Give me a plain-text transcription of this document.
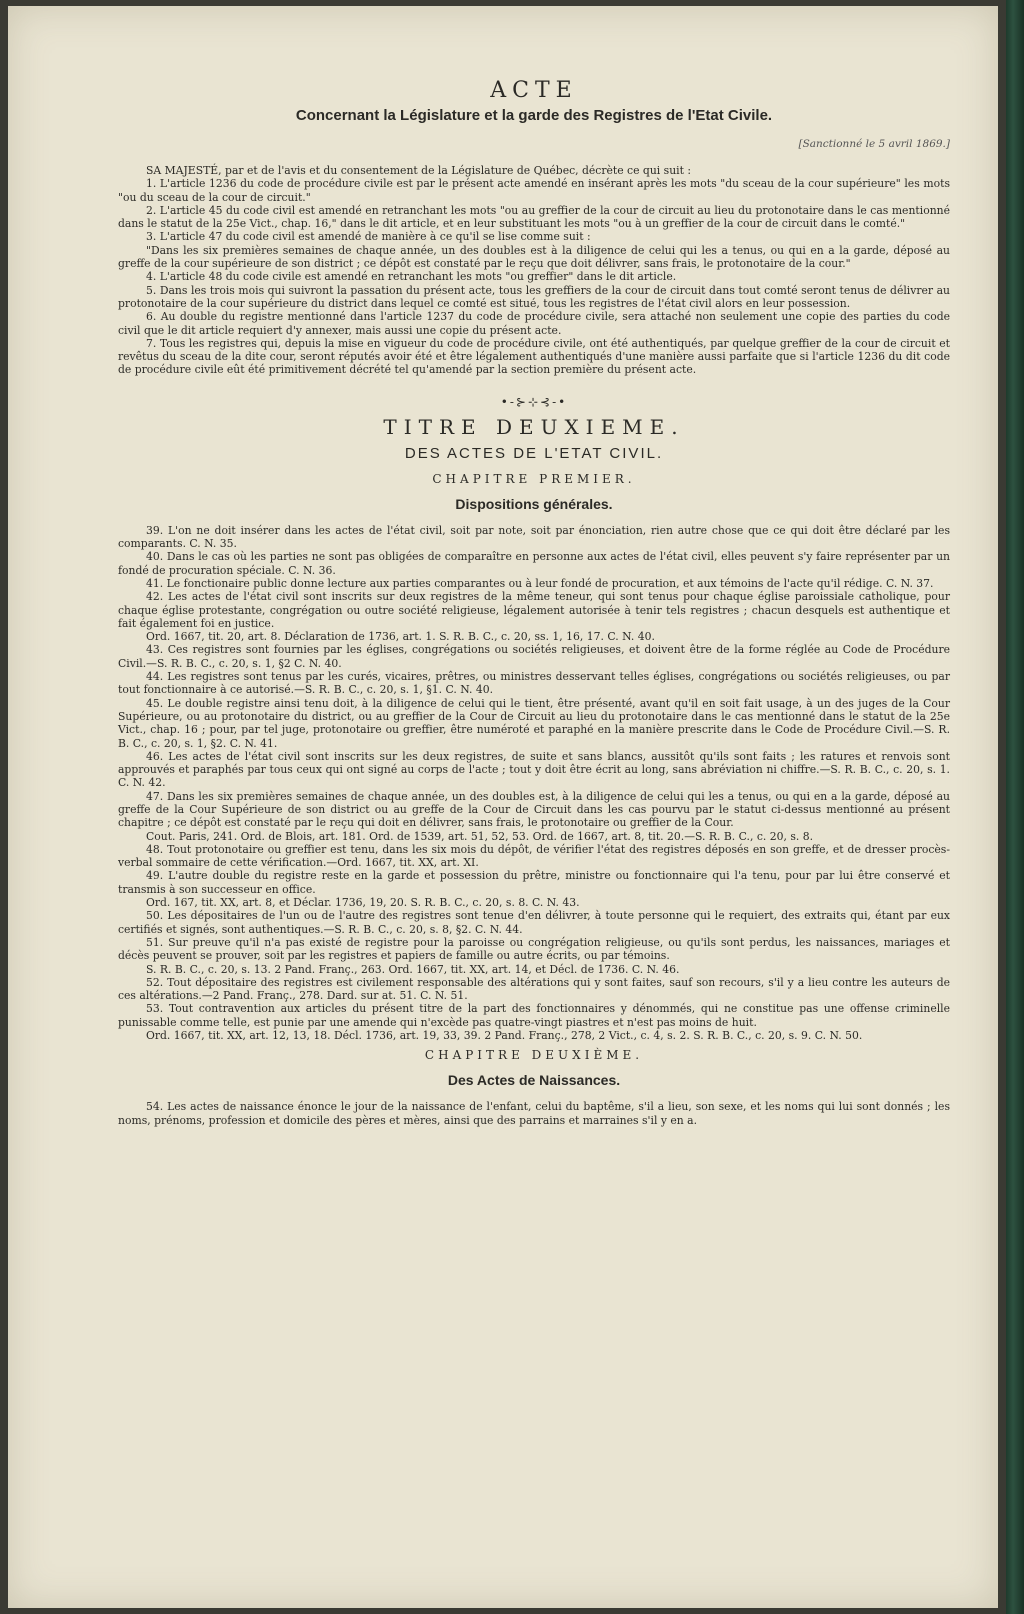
ACTE
Concernant la Législature et la garde des Registres de l'Etat Civile.
[Sanctionné le 5 avril 1869.]

SA MAJESTÉ, par et de l'avis et du consentement de la Législature de Québec, décrète ce qui suit :

1. L'article 1236 du code de procédure civile est par le présent acte amendé en insérant après les mots "du sceau de la cour supérieure" les mots "ou du sceau de la cour de circuit."

2. L'article 45 du code civil est amendé en retranchant les mots "ou au greffier de la cour de circuit au lieu du protonotaire dans le cas mentionné dans le statut de la 25e Vict., chap. 16," dans le dit article, et en leur substituant les mots "ou à un greffier de la cour de circuit dans le comté."

3. L'article 47 du code civil est amendé de manière à ce qu'il se lise comme suit :

"Dans les six premières semaines de chaque année, un des doubles est à la diligence de celui qui les a tenus, ou qui en a la garde, déposé au greffe de la cour supérieure de son district ; ce dépôt est constaté par le reçu que doit délivrer, sans frais, le protonotaire de la cour."

4. L'article 48 du code civile est amendé en retranchant les mots "ou greffier" dans le dit article.

5. Dans les trois mois qui suivront la passation du présent acte, tous les greffiers de la cour de circuit dans tout comté seront tenus de délivrer au protonotaire de la cour supérieure du district dans lequel ce comté est situé, tous les registres de l'état civil alors en leur possession.

6. Au double du registre mentionné dans l'article 1237 du code de procédure civile, sera attaché non seulement une copie des parties du code civil que le dit article requiert d'y annexer, mais aussi une copie du présent acte.

7. Tous les registres qui, depuis la mise en vigueur du code de procédure civile, ont été authentiqués, par quelque greffier de la cour de circuit et revêtus du sceau de la dite cour, seront réputés avoir été et être légalement authentiqués d'une manière aussi parfaite que si l'article 1236 du dit code de procédure civile eût été primitivement décrété tel qu'amendé par la section première du présent acte.

•-⊱⊹⊰-•
TITRE DEUXIEME.
DES ACTES DE L'ETAT CIVIL.
CHAPITRE PREMIER.
Dispositions générales.

39. L'on ne doit insérer dans les actes de l'état civil, soit par note, soit par énonciation, rien autre chose que ce qui doit être déclaré par les comparants. C. N. 35.

40. Dans le cas où les parties ne sont pas obligées de comparaître en personne aux actes de l'état civil, elles peuvent s'y faire représenter par un fondé de procuration spéciale. C. N. 36.

41. Le fonctionaire public donne lecture aux parties comparantes ou à leur fondé de procuration, et aux témoins de l'acte qu'il rédige. C. N. 37.

42. Les actes de l'état civil sont inscrits sur deux registres de la même teneur, qui sont tenus pour chaque église paroissiale catholique, pour chaque église protestante, congrégation ou outre société religieuse, légalement autorisée à tenir tels registres ; chacun desquels est authentique et fait également foi en justice.

Ord. 1667, tit. 20, art. 8. Déclaration de 1736, art. 1. S. R. B. C., c. 20, ss. 1, 16, 17. C. N. 40.

43. Ces registres sont fournies par les églises, congrégations ou sociétés religieuses, et doivent être de la forme réglée au Code de Procédure Civil.—S. R. B. C., c. 20, s. 1, §2 C. N. 40.

44. Les registres sont tenus par les curés, vicaires, prêtres, ou ministres desservant telles églises, congrégations ou sociétés religieuses, ou par tout fonctionnaire à ce autorisé.—S. R. B. C., c. 20, s. 1, §1. C. N. 40.

45. Le double registre ainsi tenu doit, à la diligence de celui qui le tient, être présenté, avant qu'il en soit fait usage, à un des juges de la Cour Supérieure, ou au protonotaire du district, ou au greffier de la Cour de Circuit au lieu du protonotaire dans le cas mentionné dans le statut de la 25e Vict., chap. 16 ; pour, par tel juge, protonotaire ou greffier, être numéroté et paraphé en la manière prescrite dans le Code de Procédure Civil.—S. R. B. C., c. 20, s. 1, §2. C. N. 41.

46. Les actes de l'état civil sont inscrits sur les deux registres, de suite et sans blancs, aussitôt qu'ils sont faits ; les ratures et renvois sont approuvés et paraphés par tous ceux qui ont signé au corps de l'acte ; tout y doit être écrit au long, sans abréviation ni chiffre.—S. R. B. C., c. 20, s. 1. C. N. 42.

47. Dans les six premières semaines de chaque année, un des doubles est, à la diligence de celui qui les a tenus, ou qui en a la garde, déposé au greffe de la Cour Supérieure de son district ou au greffe de la Cour de Circuit dans les cas pourvu par le statut ci-dessus mentionné au présent chapitre ; ce dépôt est constaté par le reçu qui doit en délivrer, sans frais, le protonotaire ou greffier de la Cour.

Cout. Paris, 241. Ord. de Blois, art. 181. Ord. de 1539, art. 51, 52, 53. Ord. de 1667, art. 8, tit. 20.—S. R. B. C., c. 20, s. 8.

48. Tout protonotaire ou greffier est tenu, dans les six mois du dépôt, de vérifier l'état des registres déposés en son greffe, et de dresser procès-verbal sommaire de cette vérification.—Ord. 1667, tit. XX, art. XI.

49. L'autre double du registre reste en la garde et possession du prêtre, ministre ou fonctionnaire qui l'a tenu, pour par lui être conservé et transmis à son successeur en office.

Ord. 167, tit. XX, art. 8, et Déclar. 1736, 19, 20. S. R. B. C., c. 20, s. 8. C. N. 43.

50. Les dépositaires de l'un ou de l'autre des registres sont tenue d'en délivrer, à toute personne qui le requiert, des extraits qui, étant par eux certifiés et signés, sont authentiques.—S. R. B. C., c. 20, s. 8, §2. C. N. 44.

51. Sur preuve qu'il n'a pas existé de registre pour la paroisse ou congrégation religieuse, ou qu'ils sont perdus, les naissances, mariages et décès peuvent se prouver, soit par les registres et papiers de famille ou autre écrits, ou par témoins.

S. R. B. C., c. 20, s. 13. 2 Pand. Franç., 263. Ord. 1667, tit. XX, art. 14, et Décl. de 1736. C. N. 46.

52. Tout dépositaire des registres est civilement responsable des altérations qui y sont faites, sauf son recours, s'il y a lieu contre les auteurs de ces altérations.—2 Pand. Franç., 278. Dard. sur at. 51. C. N. 51.

53. Tout contravention aux articles du présent titre de la part des fonctionnaires y dénommés, qui ne constitue pas une offense criminelle punissable comme telle, est punie par une amende qui n'excède pas quatre-vingt piastres et n'est pas moins de huit.

Ord. 1667, tit. XX, art. 12, 13, 18. Décl. 1736, art. 19, 33, 39. 2 Pand. Franç., 278, 2 Vict., c. 4, s. 2. S. R. B. C., c. 20, s. 9. C. N. 50.

CHAPITRE DEUXIÈME.
Des Actes de Naissances.

54. Les actes de naissance énonce le jour de la naissance de l'enfant, celui du baptême, s'il a lieu, son sexe, et les noms qui lui sont donnés ; les noms, prénoms, profession et domicile des pères et mères, ainsi que des parrains et marraines s'il y en a.
